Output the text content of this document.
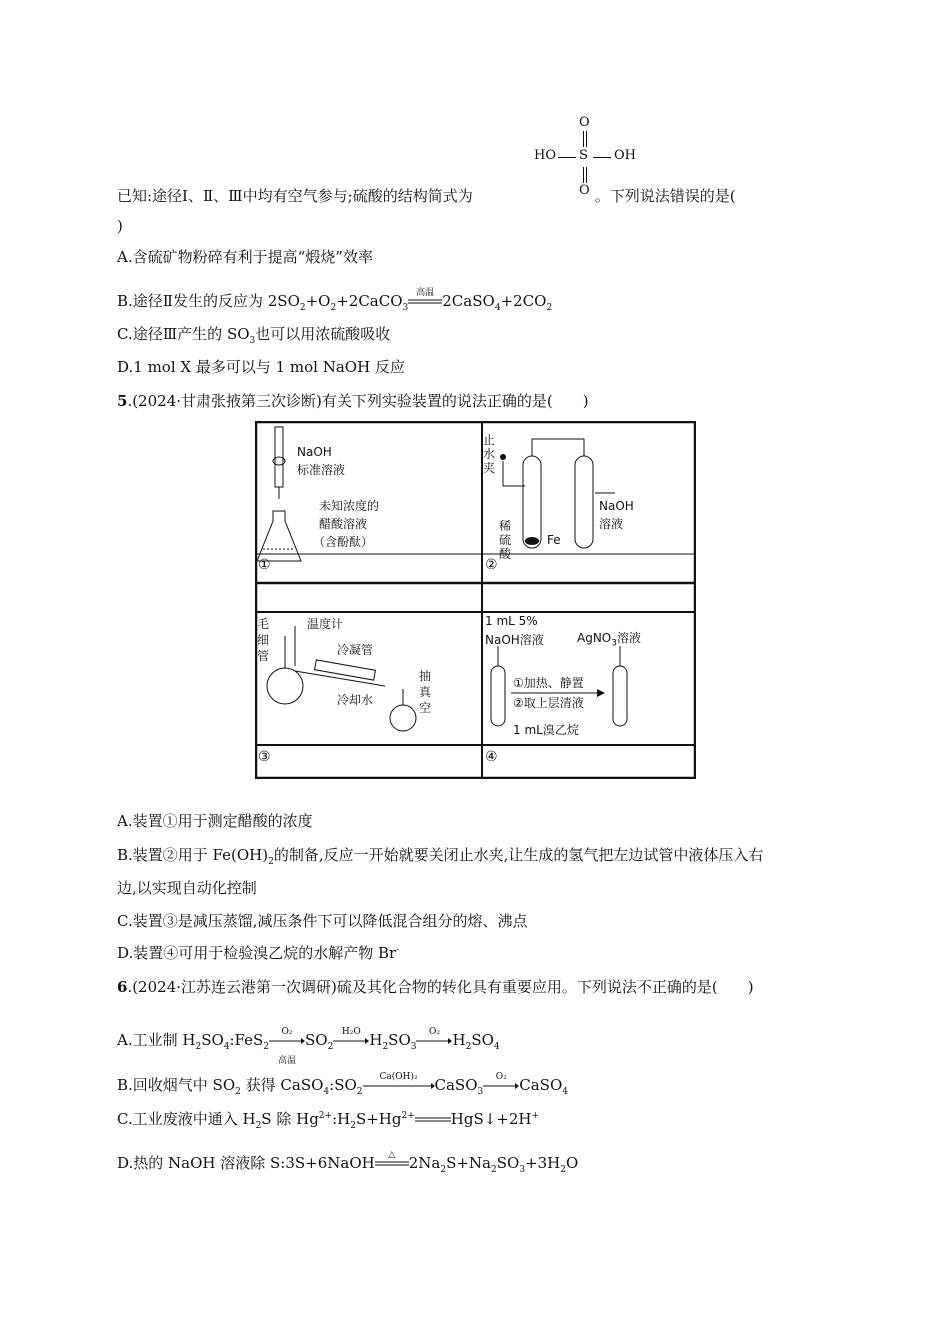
O
HO S OH
O
已知:途径Ⅰ、Ⅱ、Ⅲ中均有空气参与;硫酸的结构简式为	。下列说法错误的是(
)
A.含硫矿物粉碎有利于提高“煅烧”效率
B.途径Ⅱ发生的反应为 $2SO_2+O_2+2CaCO_3$
高温 $2CaSO_4+2CO_2$
C.途径Ⅲ产生的 $SO_3$也可以用浓硫酸吸收
D.1 mol X 最多可以与 1 mol NaOH 反应
5.(2024·甘肃张掖第三次诊断)有关下列实验装置的说法正确的是(　　)
①	②
③	④
NaOH
标准溶液
未知浓度的
醋酸溶液
（含酚酞）
止
水
夹
稀
硫
酸
Fe
NaOH
溶液
毛
细
管
温度计
冷凝管
冷却水
抽
真
空
1 mL 5%
NaOH溶液	AgNO$_3$溶液
①加热、静置
②取上层清液
1 mL溴乙烷
A.装置①用于测定醋酸的浓度
B.装置②用于 $Fe(OH)_2$的制备,反应一开始就要关闭止水夹,让生成的氢气把左边试管中液体压入右
边,以实现自动化控制
C.装置③是减压蒸馏,减压条件下可以降低混合组分的熔、沸点
D.装置④可用于检验溴乙烷的水解产物 Br-
6.(2024·江苏连云港第一次调研)硫及其化合物的转化具有重要应用。下列说法不正确的是(　　)
A.工业制 $H_2SO_4:FeS_2$
O₂
高温
$SO_2$
H₂O $H_2SO_3$
O₂ $H_2SO_4$
B.回收烟气中 $SO_2$ 获得 $CaSO_4:SO_2$
Ca(OH)₂	CaSO$_3$
O₂ CaSO$_4$
C.工业废液中通入 $H_2S$ 除 $Hg^{2+}:H_2S+Hg^{2+}$ HgS↓+2H+
D.热的 NaOH 溶液除 S:3S+6NaOH	△ $2Na_2S+Na_2SO_3+3H_2O$
